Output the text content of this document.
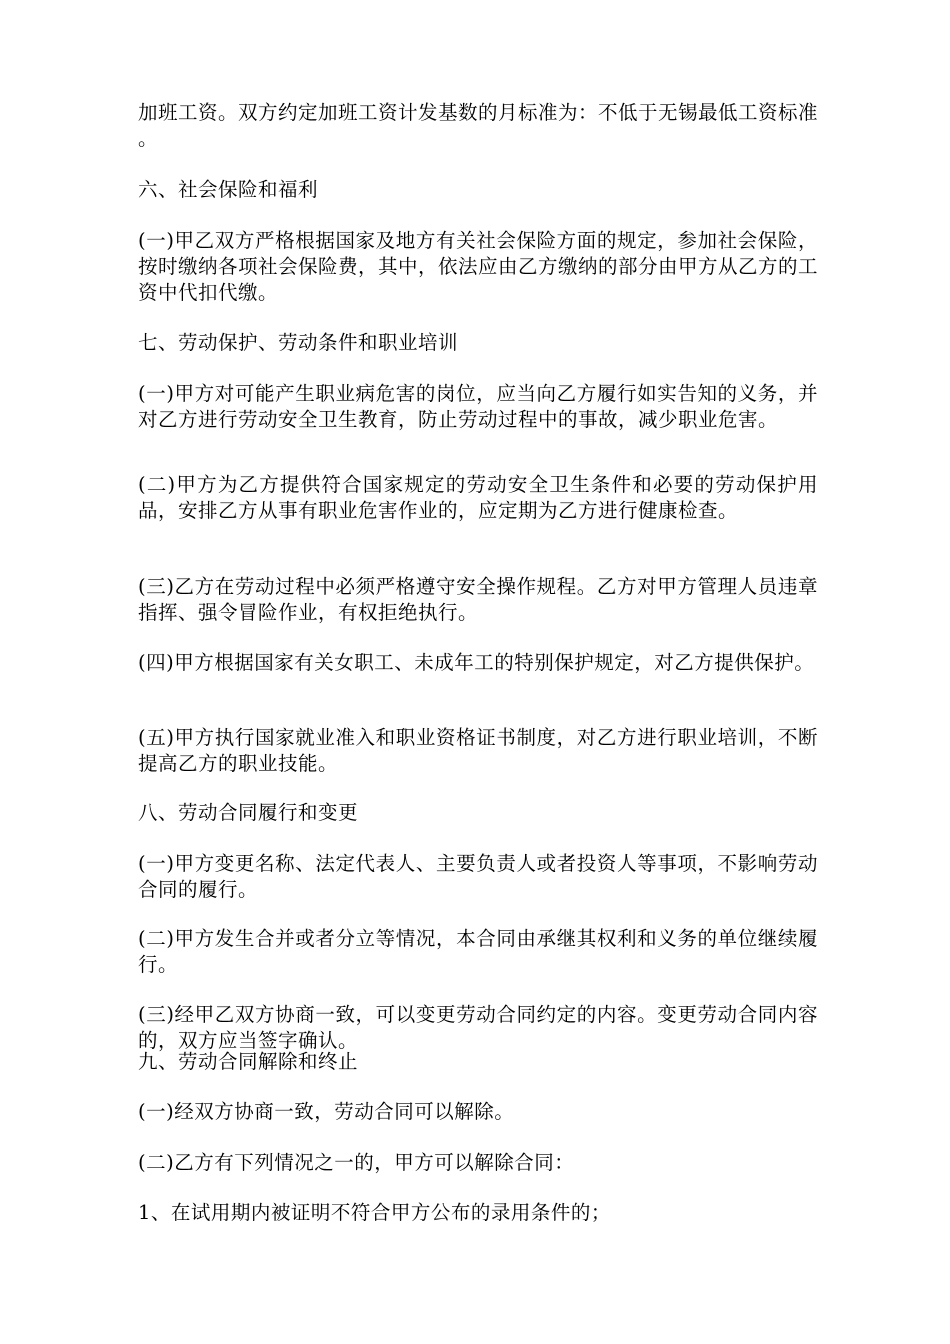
加班工资。双方约定加班工资计发基数的月标准为：不低于无锡最低工资标准 。

六、社会保险和福利

(一)甲乙双方严格根据国家及地方有关社会保险方面的规定，参加社会保险，按时缴纳各项社会保险费，其中，依法应由乙方缴纳的部分由甲方从乙方的工资中代扣代缴。

七、劳动保护、劳动条件和职业培训

(一)甲方对可能产生职业病危害的岗位，应当向乙方履行如实告知的义务，并对乙方进行劳动安全卫生教育，防止劳动过程中的事故，减少职业危害。

(二)甲方为乙方提供符合国家规定的劳动安全卫生条件和必要的劳动保护用品，安排乙方从事有职业危害作业的，应定期为乙方进行健康检查。

(三)乙方在劳动过程中必须严格遵守安全操作规程。乙方对甲方管理人员违章指挥、强令冒险作业，有权拒绝执行。

(四)甲方根据国家有关女职工、未成年工的特别保护规定，对乙方提供保护。

(五)甲方执行国家就业准入和职业资格证书制度，对乙方进行职业培训，不断提高乙方的职业技能。

八、劳动合同履行和变更

(一)甲方变更名称、法定代表人、主要负责人或者投资人等事项，不影响劳动合同的履行。

(二)甲方发生合并或者分立等情况，本合同由承继其权利和义务的单位继续履行。

(三)经甲乙双方协商一致，可以变更劳动合同约定的内容。变更劳动合同内容的，双方应当签字确认。

九、劳动合同解除和终止

(一)经双方协商一致，劳动合同可以解除。

(二)乙方有下列情况之一的，甲方可以解除合同：

1、在试用期内被证明不符合甲方公布的录用条件的；
